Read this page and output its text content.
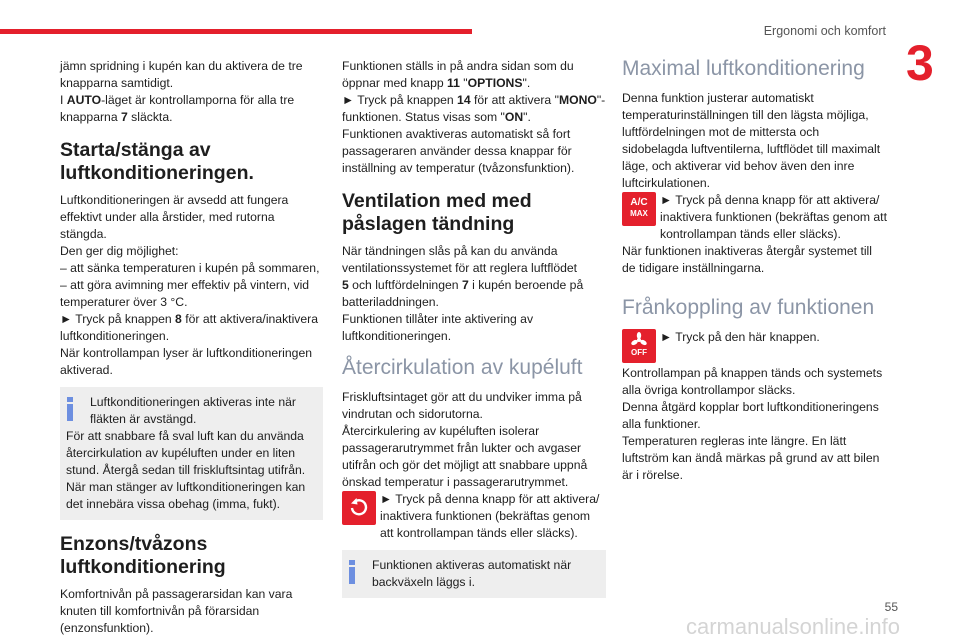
Ergonomi och komfort
3

jämn spridning i kupén kan du aktivera de tre knapparna samtidigt.

I AUTO-läget är kontrollamporna för alla tre knapparna 7 släckta.

Starta/stänga av luftkonditioneringen.

Luftkonditioneringen är avsedd att fungera effektivt under alla årstider, med rutorna stängda.

Den ger dig möjlighet:

– att sänka temperaturen i kupén på sommaren,

– att göra avimning mer effektiv på vintern, vid temperaturer över 3 °C.

► Tryck på knappen 8 för att aktivera/inaktivera luftkonditioneringen.

När kontrollampan lyser är luftkonditioneringen aktiverad.

Luftkonditioneringen aktiveras inte när fläkten är avstängd.

För att snabbare få sval luft kan du använda återcirkulation av kupéluften under en liten stund. Återgå sedan till friskluftsintag utifrån.

När man stänger av luftkonditioneringen kan det innebära vissa obehag (imma, fukt).

Enzons/tvåzons luftkonditionering

Komfortnivån på passagerarsidan kan vara knuten till komfortnivån på förarsidan (enzonsfunktion).

Funktionen ställs in på andra sidan som du öppnar med knapp 11 "OPTIONS".

► Tryck på knappen 14 för att aktivera "MONO"-funktionen. Status visas som "ON".

Funktionen avaktiveras automatiskt så fort passageraren använder dessa knappar för inställning av temperatur (tvåzonsfunktion).

Ventilation med med påslagen tändning

När tändningen slås på kan du använda ventilationssystemet för att reglera luftflödet

5 och luftfördelningen 7 i kupén beroende på batteriladdningen.

Funktionen tillåter inte aktivering av luftkonditioneringen.

Återcirkulation av kupéluft

Friskluftsintaget gör att du undviker imma på vindrutan och sidorutorna.

Återcirkulering av kupéluften isolerar passagerarutrymmet från lukter och avgaser utifrån och gör det möjligt att snabbare uppnå önskad temperatur i passagerarutrymmet.

► Tryck på denna knapp för att aktivera/ inaktivera funktionen (bekräftas genom att kontrollampan tänds eller släcks).

Funktionen aktiveras automatiskt när backväxeln läggs i.

Maximal luftkonditionering

Denna funktion justerar automatiskt temperaturinställningen till den lägsta möjliga, luftfördelningen mot de mittersta och sidobelagda luftventilerna, luftflödet till maximalt läge, och aktiverar vid behov även den inre luftcirkulationen.

A/C
MAX

► Tryck på denna knapp för att aktivera/ inaktivera funktionen (bekräftas genom att kontrollampan tänds eller släcks).

När funktionen inaktiveras återgår systemet till de tidigare inställningarna.

Frånkoppling av funktionen
OFF

► Tryck på den här knappen.

Kontrollampan på knappen tänds och systemets alla övriga kontrollampor släcks.

Denna åtgärd kopplar bort luftkonditioneringens alla funktioner.

Temperaturen regleras inte längre. En lätt luftström kan ändå märkas på grund av att bilen är i rörelse.

55
carmanualsonline.info
